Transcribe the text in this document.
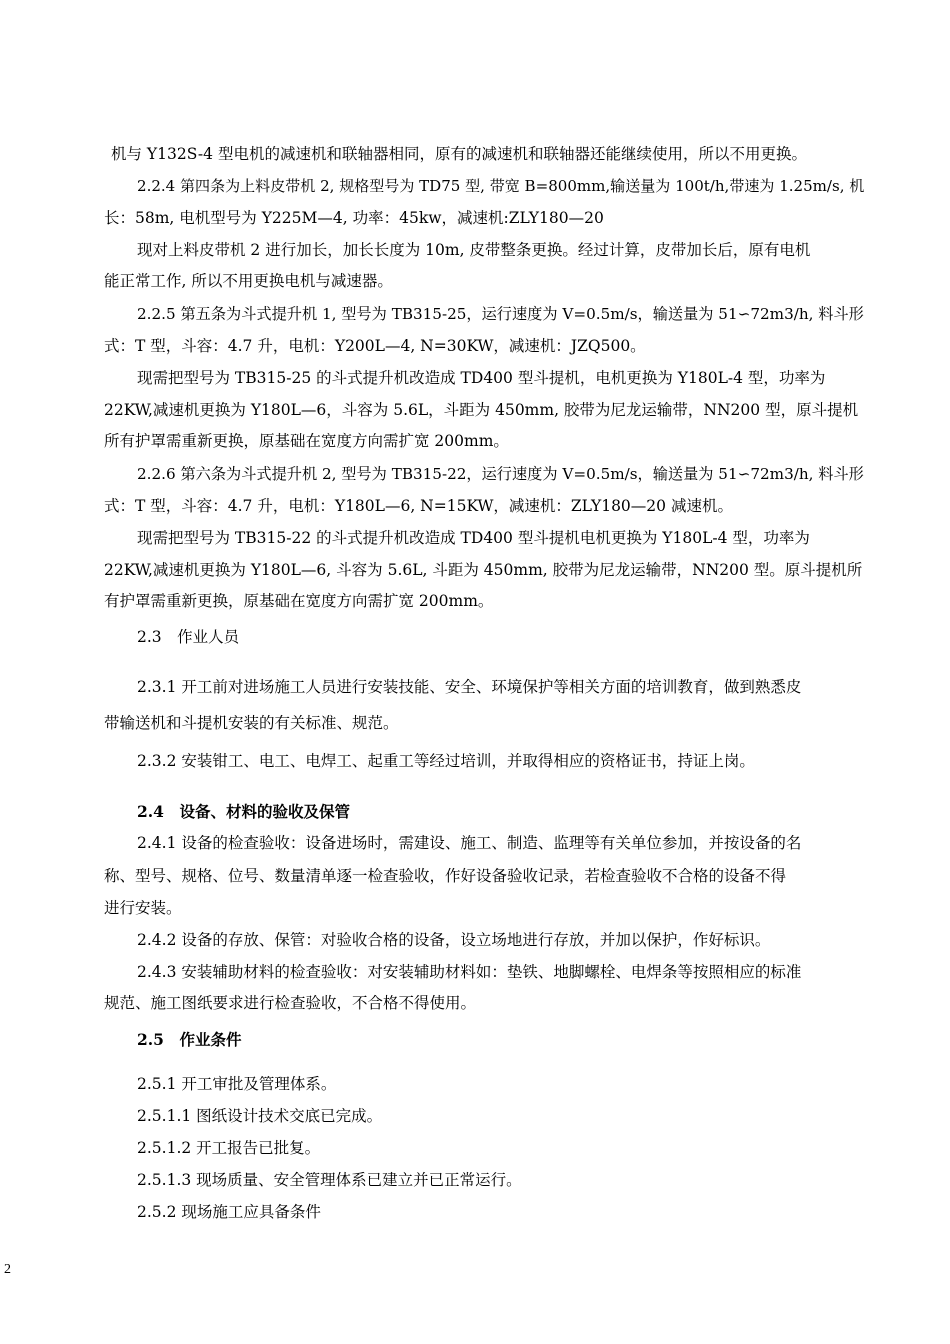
机与 Y132S-4 型电机的减速机和联轴器相同，原有的减速机和联轴器还能继续使用，所以不用更换。
2.2.4 第四条为上料皮带机 2, 规格型号为 TD75 型, 带宽 B=800mm,输送量为 100t/h,带速为 1.25m/s, 机
长：58m, 电机型号为 Y225M—4, 功率：45kw，减速机:ZLY180—20
现对上料皮带机 2 进行加长，加长长度为 10m, 皮带整条更换。经过计算，皮带加长后，原有电机
能正常工作, 所以不用更换电机与减速器。
2.2.5 第五条为斗式提升机 1, 型号为 TB315-25，运行速度为 V=0.5m/s，输送量为 51∽72m3/h, 料斗形
式：T 型，斗容：4.7 升，电机：Y200L—4, N=30KW，减速机：JZQ500。
现需把型号为 TB315-25 的斗式提升机改造成 TD400 型斗提机，电机更换为 Y180L-4 型，功率为
22KW,减速机更换为 Y180L—6，斗容为 5.6L，斗距为 450mm, 胶带为尼龙运输带，NN200 型，原斗提机
所有护罩需重新更换，原基础在宽度方向需扩宽 200mm。
2.2.6 第六条为斗式提升机 2, 型号为 TB315-22，运行速度为 V=0.5m/s，输送量为 51∽72m3/h, 料斗形
式：T 型，斗容：4.7 升，电机：Y180L—6, N=15KW，减速机：ZLY180—20 减速机。
现需把型号为 TB315-22 的斗式提升机改造成 TD400 型斗提机电机更换为 Y180L-4 型，功率为
22KW,减速机更换为 Y180L—6, 斗容为 5.6L, 斗距为 450mm, 胶带为尼龙运输带，NN200 型。原斗提机所
有护罩需重新更换，原基础在宽度方向需扩宽 200mm。
2.3　作业人员
2.3.1 开工前对进场施工人员进行安装技能、安全、环境保护等相关方面的培训教育，做到熟悉皮
带输送机和斗提机安装的有关标准、规范。
2.3.2 安装钳工、电工、电焊工、起重工等经过培训，并取得相应的资格证书，持证上岗。
2.4　设备、材料的验收及保管
2.4.1 设备的检查验收：设备进场时，需建设、施工、制造、监理等有关单位参加，并按设备的名
称、型号、规格、位号、数量清单逐一检查验收，作好设备验收记录，若检查验收不合格的设备不得
进行安装。
2.4.2 设备的存放、保管：对验收合格的设备，设立场地进行存放，并加以保护，作好标识。
2.4.3 安装辅助材料的检查验收：对安装辅助材料如：垫铁、地脚螺栓、电焊条等按照相应的标准
规范、施工图纸要求进行检查验收，不合格不得使用。
2.5　作业条件
2.5.1 开工审批及管理体系。
2.5.1.1 图纸设计技术交底已完成。
2.5.1.2 开工报告已批复。
2.5.1.3 现场质量、安全管理体系已建立并已正常运行。
2.5.2 现场施工应具备条件
2
